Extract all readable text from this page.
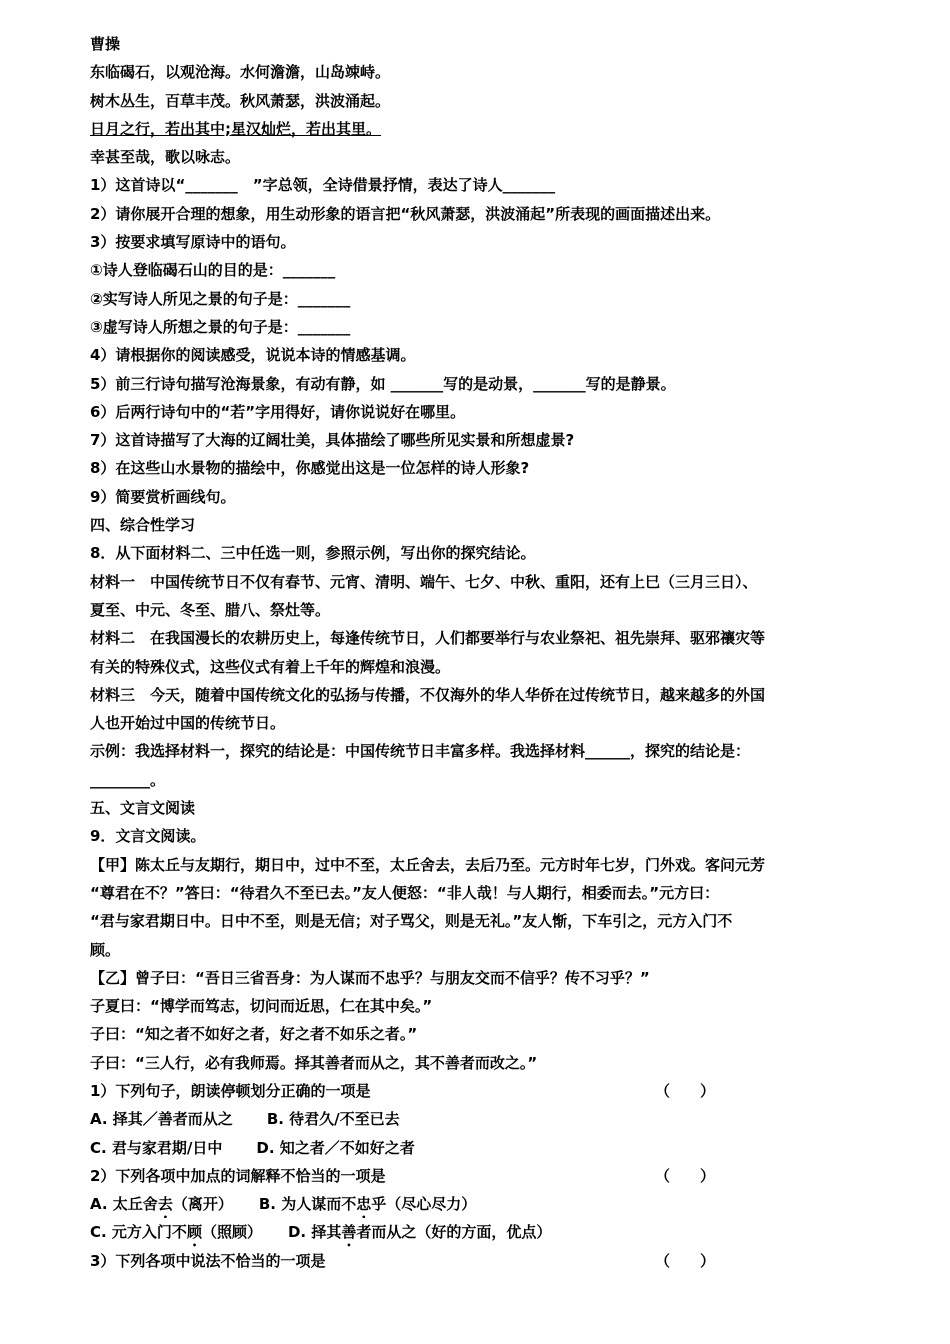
曹操
东临碣石，以观沧海。水何澹澹，山岛竦峙。
树木丛生，百草丰茂。秋风萧瑟，洪波涌起。
日月之行，若出其中;星汉灿烂，若出其里。
幸甚至哉，歌以咏志。
1）这首诗以“_______　”字总领，全诗借景抒情，表达了诗人_______
2）请你展开合理的想象，用生动形象的语言把“秋风萧瑟，洪波涌起”所表现的画面描述出来。
3）按要求填写原诗中的语句。
①诗人登临碣石山的目的是：_______
②实写诗人所见之景的句子是：_______
③虚写诗人所想之景的句子是：_______
4）请根据你的阅读感受，说说本诗的情感基调。
5）前三行诗句描写沧海景象，有动有静，如 _______写的是动景，_______写的是静景。
6）后两行诗句中的“若”字用得好，请你说说好在哪里。
7）这首诗描写了大海的辽阔壮美，具体描绘了哪些所见实景和所想虚景?
8）在这些山水景物的描绘中，你感觉出这是一位怎样的诗人形象?
9）简要赏析画线句。
四、综合性学习
8．从下面材料二、三中任选一则，参照示例，写出你的探究结论。
材料一　中国传统节日不仅有春节、元宵、清明、端午、七夕、中秋、重阳，还有上巳（三月三日）、
夏至、中元、冬至、腊八、祭灶等。
材料二　在我国漫长的农耕历史上，每逢传统节日，人们都要举行与农业祭祀、祖先崇拜、驱邪禳灾等
有关的特殊仪式，这些仪式有着上千年的辉煌和浪漫。
材料三　今天，随着中国传统文化的弘扬与传播，不仅海外的华人华侨在过传统节日，越来越多的外国
人也开始过中国的传统节日。
示例：我选择材料一，探究的结论是：中国传统节日丰富多样。我选择材料______，探究的结论是：
________。
五、文言文阅读
9．文言文阅读。
【甲】陈太丘与友期行，期日中，过中不至，太丘舍去，去后乃至。元方时年七岁，门外戏。客问元芳
“尊君在不？”答曰：“待君久不至已去。”友人便怒：“非人哉！与人期行，相委而去。”元方曰：
“君与家君期日中。日中不至，则是无信；对子骂父，则是无礼。”友人惭，下车引之，元方入门不
顾。
【乙】曾子曰：“吾日三省吾身：为人谋而不忠乎？与朋友交而不信乎？传不习乎？”
子夏曰：“博学而笃志，切问而近思，仁在其中矣。”
子曰：“知之者不如好之者，好之者不如乐之者。”
子曰：“三人行，必有我师焉。择其善者而从之，其不善者而改之。”
1）下列句子，朗读停顿划分正确的一项是	（　　）
A. 择其／善者而从之 B. 待君久/不至已去
C. 君与家君期/日中 D. 知之者／不如好之者
2）下列各项中加点的词解释不恰当的一项是	（　　）
A. 太丘舍去（离开） B. 为人谋而不忠乎（尽心尽力）
C. 元方入门不顾（照顾） D. 择其善者而从之（好的方面，优点）
3）下列各项中说法不恰当的一项是	（　　）
